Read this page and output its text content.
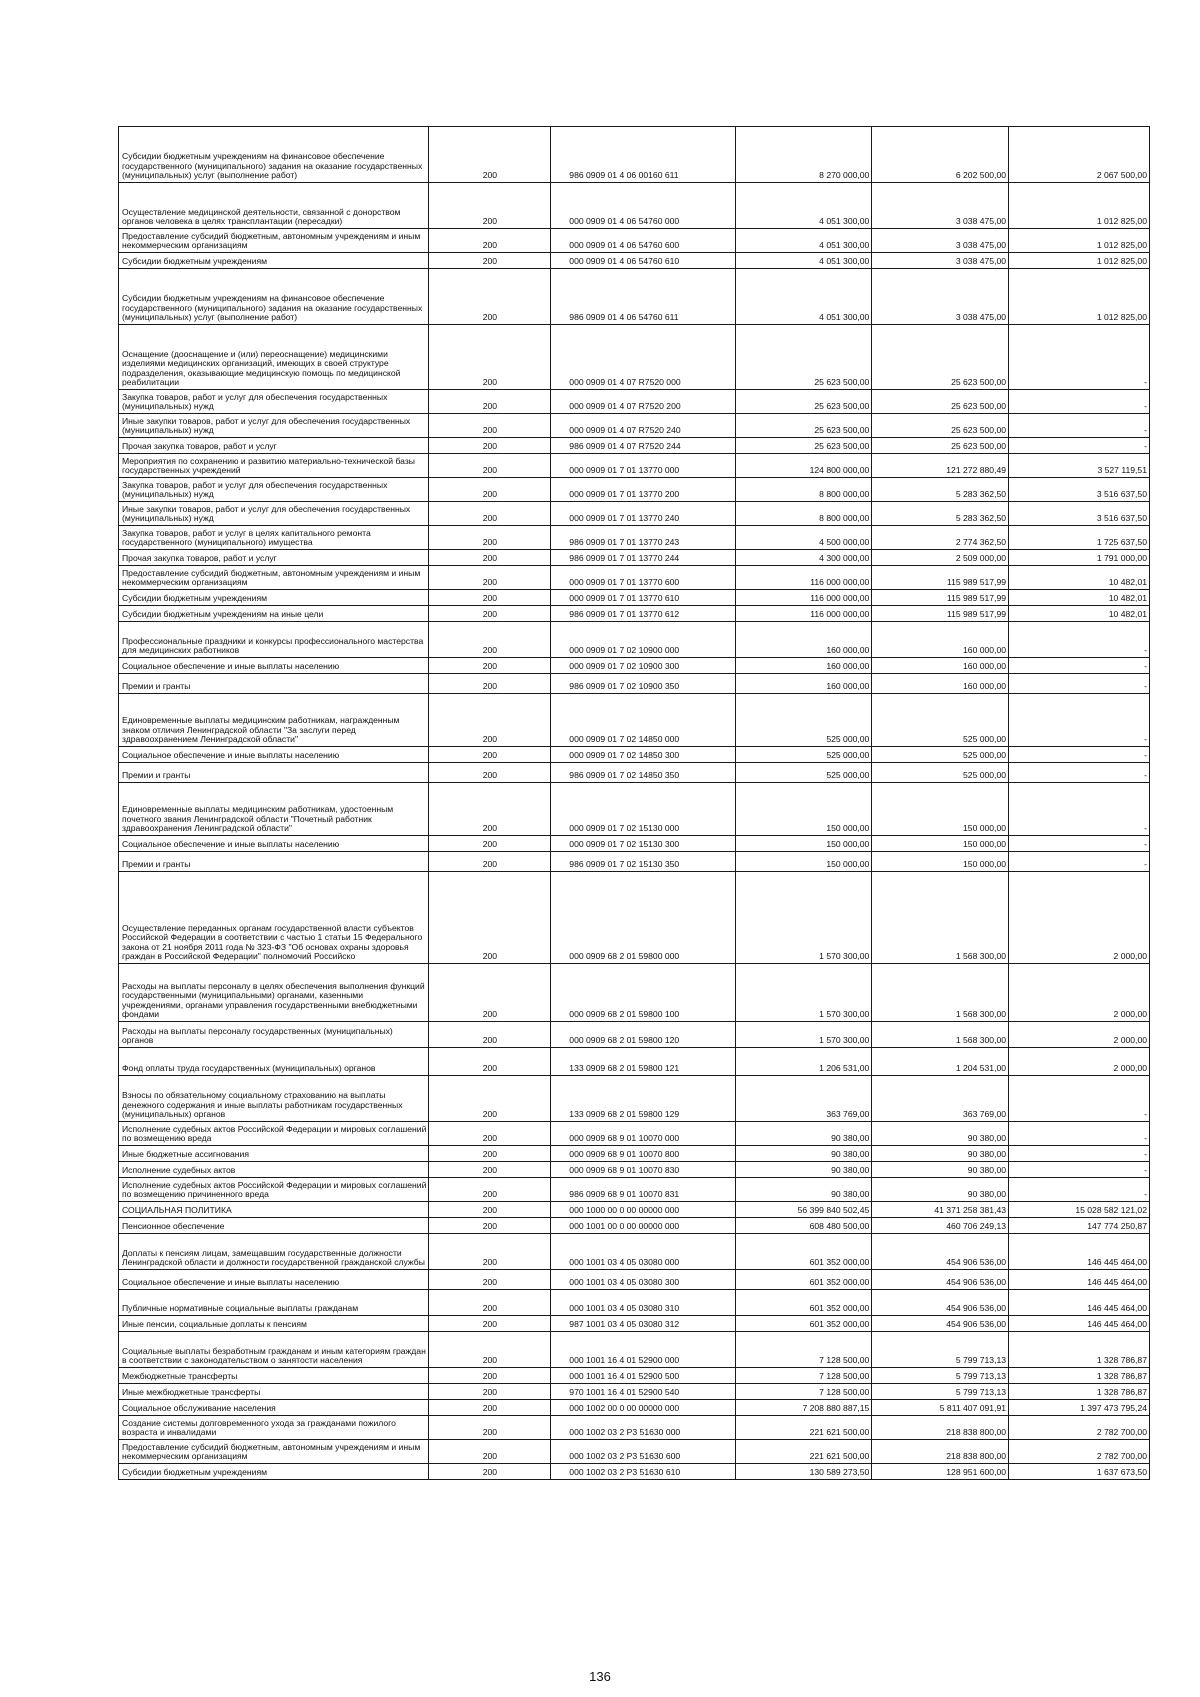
Субсидии бюджетным учреждениям на финансовое обеспечение государственного (муниципального) задания на оказание государственных (муниципальных) услуг (выполнение работ)	200	986 0909 01 4 06 00160 611	8 270 000,00	6 202 500,00	2 067 500,00
Осуществление медицинской деятельности, связанной с донорством органов человека в целях трансплантации (пересадки)	200	000 0909 01 4 06 54760 000	4 051 300,00	3 038 475,00	1 012 825,00
Предоставление субсидий бюджетным, автономным учреждениям и иным некоммерческим организациям	200	000 0909 01 4 06 54760 600	4 051 300,00	3 038 475,00	1 012 825,00
Субсидии бюджетным учреждениям	200	000 0909 01 4 06 54760 610	4 051 300,00	3 038 475,00	1 012 825,00
Субсидии бюджетным учреждениям на финансовое обеспечение государственного (муниципального) задания на оказание государственных (муниципальных) услуг (выполнение работ)	200	986 0909 01 4 06 54760 611	4 051 300,00	3 038 475,00	1 012 825,00
Оснащение (дооснащение и (или) переоснащение) медицинскими изделиями медицинских организаций, имеющих в своей структуре подразделения, оказывающие медицинскую помощь по медицинской реабилитации	200	000 0909 01 4 07 R7520 000	25 623 500,00	25 623 500,00	-
Закупка товаров, работ и услуг для обеспечения государственных (муниципальных) нужд	200	000 0909 01 4 07 R7520 200	25 623 500,00	25 623 500,00	-
Иные закупки товаров, работ и услуг для обеспечения государственных (муниципальных) нужд	200	000 0909 01 4 07 R7520 240	25 623 500,00	25 623 500,00	-
Прочая закупка товаров, работ и услуг	200	986 0909 01 4 07 R7520 244	25 623 500,00	25 623 500,00	-
Мероприятия по сохранению и развитию материально-технической базы государственных учреждений	200	000 0909 01 7 01 13770 000	124 800 000,00	121 272 880,49	3 527 119,51
Закупка товаров, работ и услуг для обеспечения государственных (муниципальных) нужд	200	000 0909 01 7 01 13770 200	8 800 000,00	5 283 362,50	3 516 637,50
Иные закупки товаров, работ и услуг для обеспечения государственных (муниципальных) нужд	200	000 0909 01 7 01 13770 240	8 800 000,00	5 283 362,50	3 516 637,50
Закупка товаров, работ и услуг в целях капитального ремонта государственного (муниципального) имущества	200	986 0909 01 7 01 13770 243	4 500 000,00	2 774 362,50	1 725 637,50
Прочая закупка товаров, работ и услуг	200	986 0909 01 7 01 13770 244	4 300 000,00	2 509 000,00	1 791 000,00
Предоставление субсидий бюджетным, автономным учреждениям и иным некоммерческим организациям	200	000 0909 01 7 01 13770 600	116 000 000,00	115 989 517,99	10 482,01
Субсидии бюджетным учреждениям	200	000 0909 01 7 01 13770 610	116 000 000,00	115 989 517,99	10 482,01
Субсидии бюджетным учреждениям на иные цели	200	986 0909 01 7 01 13770 612	116 000 000,00	115 989 517,99	10 482,01
Профессиональные праздники и конкурсы профессионального мастерства для медицинских работников	200	000 0909 01 7 02 10900 000	160 000,00	160 000,00	-
Социальное обеспечение и иные выплаты населению	200	000 0909 01 7 02 10900 300	160 000,00	160 000,00	-
Премии и гранты	200	986 0909 01 7 02 10900 350	160 000,00	160 000,00	-
Единовременные выплаты медицинским работникам, награжденным знаком отличия Ленинградской области "За заслуги перед здравоохранением Ленинградской области"	200	000 0909 01 7 02 14850 000	525 000,00	525 000,00	-
Социальное обеспечение и иные выплаты населению	200	000 0909 01 7 02 14850 300	525 000,00	525 000,00	-
Премии и гранты	200	986 0909 01 7 02 14850 350	525 000,00	525 000,00	-
Единовременные выплаты медицинским работникам, удостоенным почетного звания Ленинградской области "Почетный работник здравоохранения Ленинградской области"	200	000 0909 01 7 02 15130 000	150 000,00	150 000,00	-
Социальное обеспечение и иные выплаты населению	200	000 0909 01 7 02 15130 300	150 000,00	150 000,00	-
Премии и гранты	200	986 0909 01 7 02 15130 350	150 000,00	150 000,00	-
Осуществление переданных органам государственной власти субъектов Российской Федерации в соответствии с частью 1 статьи 15 Федерального закона от 21 ноября 2011 года № 323-ФЗ "Об основах охраны здоровья граждан в Российской Федерации" полномочий Российско	200	000 0909 68 2 01 59800 000	1 570 300,00	1 568 300,00	2 000,00
Расходы на выплаты персоналу в целях обеспечения выполнения функций государственными (муниципальными) органами, казенными учреждениями, органами управления государственными внебюджетными фондами	200	000 0909 68 2 01 59800 100	1 570 300,00	1 568 300,00	2 000,00
Расходы на выплаты персоналу государственных (муниципальных) органов	200	000 0909 68 2 01 59800 120	1 570 300,00	1 568 300,00	2 000,00
Фонд оплаты труда государственных (муниципальных) органов	200	133 0909 68 2 01 59800 121	1 206 531,00	1 204 531,00	2 000,00
Взносы по обязательному социальному страхованию на выплаты денежного содержания и иные выплаты работникам государственных (муниципальных) органов	200	133 0909 68 2 01 59800 129	363 769,00	363 769,00	-
Исполнение судебных актов Российской Федерации и мировых соглашений по возмещению вреда	200	000 0909 68 9 01 10070 000	90 380,00	90 380,00	-
Иные бюджетные ассигнования	200	000 0909 68 9 01 10070 800	90 380,00	90 380,00	-
Исполнение судебных актов	200	000 0909 68 9 01 10070 830	90 380,00	90 380,00	-
Исполнение судебных актов Российской Федерации и мировых соглашений по возмещению причиненного вреда	200	986 0909 68 9 01 10070 831	90 380,00	90 380,00	-
СОЦИАЛЬНАЯ ПОЛИТИКА	200	000 1000 00 0 00 00000 000	56 399 840 502,45	41 371 258 381,43	15 028 582 121,02
Пенсионное обеспечение	200	000 1001 00 0 00 00000 000	608 480 500,00	460 706 249,13	147 774 250,87
Доплаты к пенсиям лицам, замещавшим государственные должности Ленинградской области и должности государственной гражданской службы	200	000 1001 03 4 05 03080 000	601 352 000,00	454 906 536,00	146 445 464,00
Социальное обеспечение и иные выплаты населению	200	000 1001 03 4 05 03080 300	601 352 000,00	454 906 536,00	146 445 464,00
Публичные нормативные социальные выплаты гражданам	200	000 1001 03 4 05 03080 310	601 352 000,00	454 906 536,00	146 445 464,00
Иные пенсии, социальные доплаты к пенсиям	200	987 1001 03 4 05 03080 312	601 352 000,00	454 906 536,00	146 445 464,00
Социальные выплаты безработным гражданам и иным категориям граждан в соответствии с законодательством о занятости населения	200	000 1001 16 4 01 52900 000	7 128 500,00	5 799 713,13	1 328 786,87
Межбюджетные трансферты	200	000 1001 16 4 01 52900 500	7 128 500,00	5 799 713,13	1 328 786,87
Иные межбюджетные трансферты	200	970 1001 16 4 01 52900 540	7 128 500,00	5 799 713,13	1 328 786,87
Социальное обслуживание населения	200	000 1002 00 0 00 00000 000	7 208 880 887,15	5 811 407 091,91	1 397 473 795,24
Создание системы долговременного ухода за гражданами пожилого возраста и инвалидами	200	000 1002 03 2 P3 51630 000	221 621 500,00	218 838 800,00	2 782 700,00
Предоставление субсидий бюджетным, автономным учреждениям и иным некоммерческим организациям	200	000 1002 03 2 P3 51630 600	221 621 500,00	218 838 800,00	2 782 700,00
Субсидии бюджетным учреждениям	200	000 1002 03 2 P3 51630 610	130 589 273,50	128 951 600,00	1 637 673,50
136
